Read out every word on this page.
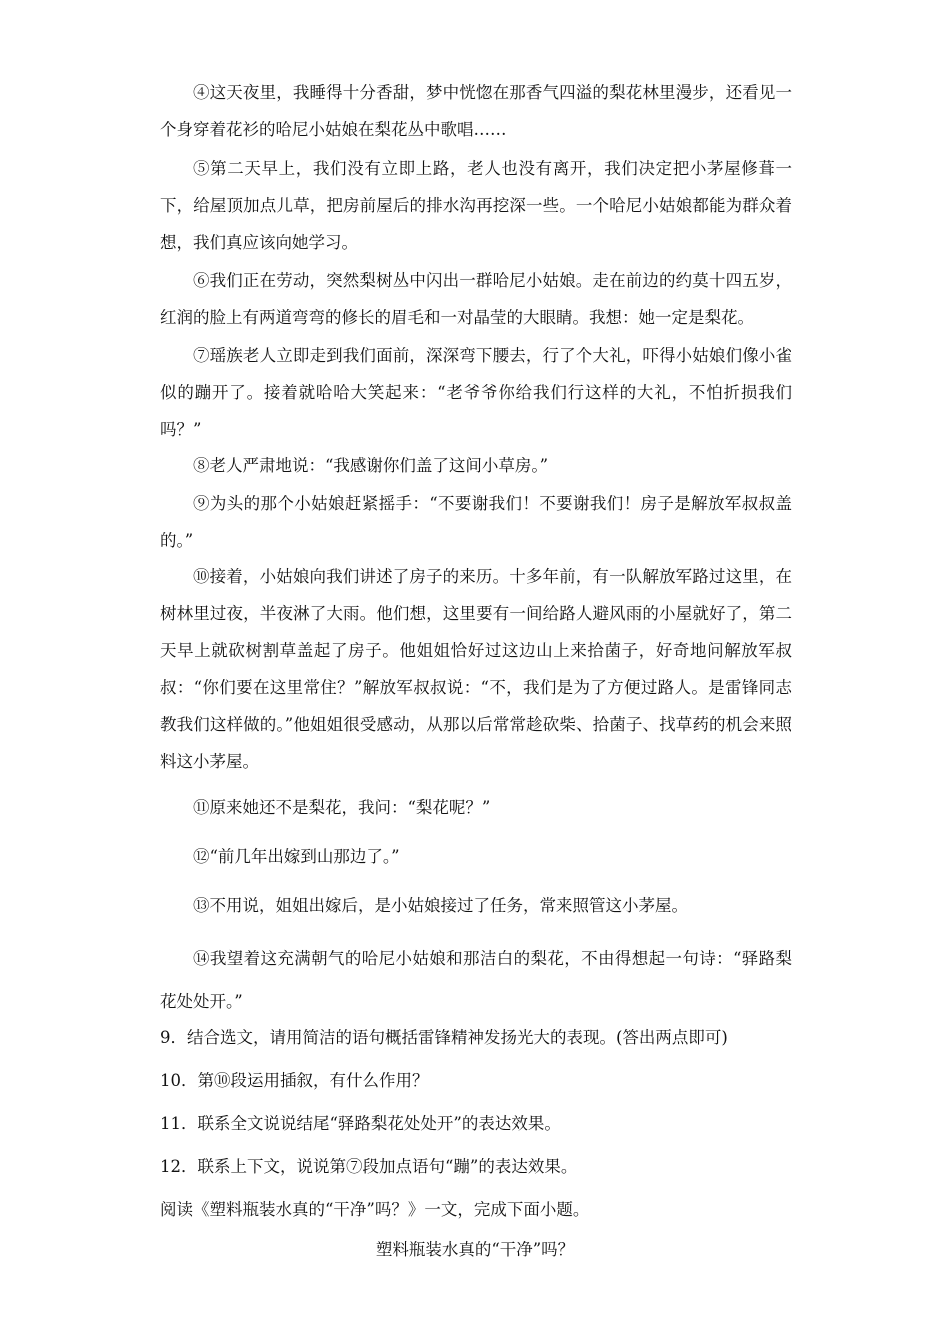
④这天夜里，我睡得十分香甜，梦中恍惚在那香气四溢的梨花林里漫步，还看见一个身穿着花衫的哈尼小姑娘在梨花丛中歌唱……

⑤第二天早上，我们没有立即上路，老人也没有离开，我们决定把小茅屋修葺一下，给屋顶加点儿草，把房前屋后的排水沟再挖深一些。一个哈尼小姑娘都能为群众着想，我们真应该向她学习。

⑥我们正在劳动，突然梨树丛中闪出一群哈尼小姑娘。走在前边的约莫十四五岁，红润的脸上有两道弯弯的修长的眉毛和一对晶莹的大眼睛。我想：她一定是梨花。

⑦瑶族老人立即走到我们面前，深深弯下腰去，行了个大礼，吓得小姑娘们像小雀似的蹦开了。接着就哈哈大笑起来：“老爷爷你给我们行这样的大礼，不怕折损我们吗？”

⑧老人严肃地说：“我感谢你们盖了这间小草房。”

⑨为头的那个小姑娘赶紧摇手：“不要谢我们！不要谢我们！房子是解放军叔叔盖的。”

⑩接着，小姑娘向我们讲述了房子的来历。十多年前，有一队解放军路过这里，在树林里过夜，半夜淋了大雨。他们想，这里要有一间给路人避风雨的小屋就好了，第二天早上就砍树割草盖起了房子。他姐姐恰好过这边山上来拾菌子，好奇地问解放军叔叔：“你们要在这里常住？”解放军叔叔说：“不，我们是为了方便过路人。是雷锋同志教我们这样做的。”他姐姐很受感动，从那以后常常趁砍柴、拾菌子、找草药的机会来照料这小茅屋。

⑪原来她还不是梨花，我问：“梨花呢？”

⑫“前几年出嫁到山那边了。”

⑬不用说，姐姐出嫁后，是小姑娘接过了任务，常来照管这小茅屋。

⑭我望着这充满朝气的哈尼小姑娘和那洁白的梨花，不由得想起一句诗：“驿路梨花处处开。”

9．结合选文，请用简洁的语句概括雷锋精神发扬光大的表现。(答出两点即可)

10．第⑩段运用插叙，有什么作用？

11．联系全文说说结尾“驿路梨花处处开”的表达效果。

12．联系上下文，说说第⑦段加点语句“蹦”的表达效果。

阅读《塑料瓶装水真的“干净”吗？》一文，完成下面小题。

塑料瓶装水真的“干净”吗？
